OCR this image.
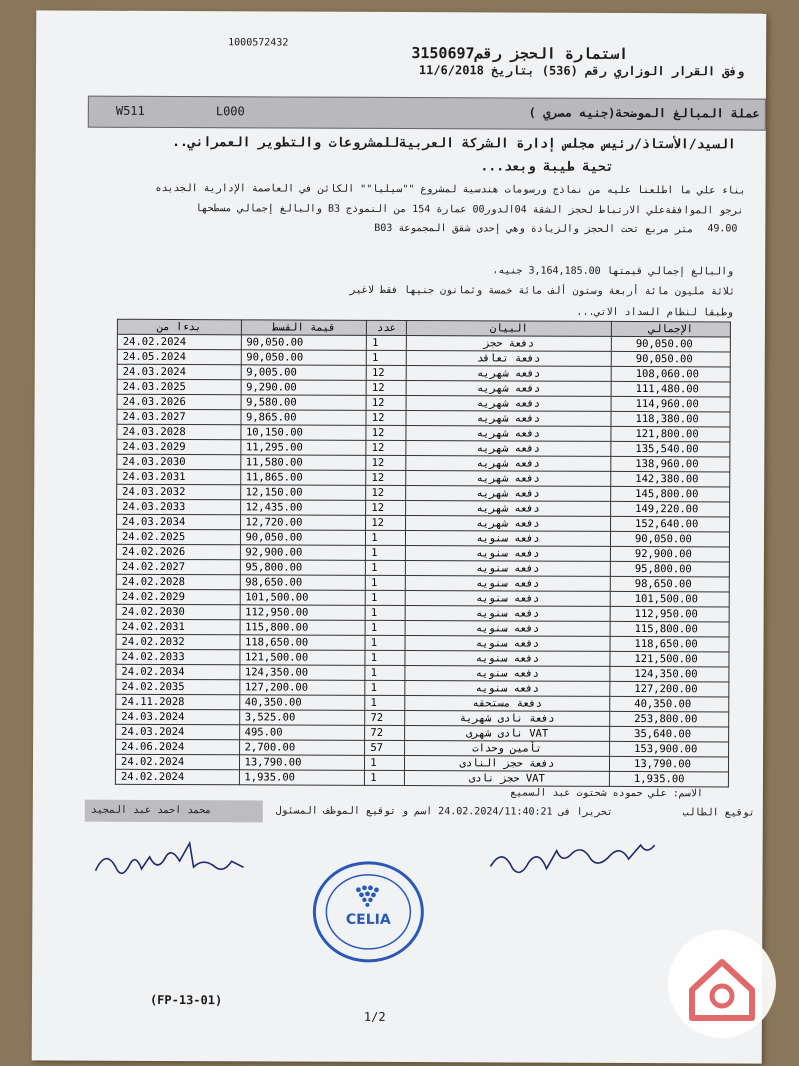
1000572432
استمارة الحجز رقم3150697
وفق القرار الوزاري رقم (536) بتاريخ 11/6/2018
W511	L000	عملة المبالغ الموضحة(جنيه مصري )
السيد/الأستاذ/رئيس مجلس إدارة الشركة العربيةللمشروعات والتطوير العمراني..
تحية طيبة وبعد...
بناء علي ما اطلعنا عليه من نماذج ورسومات هندسية لمشروع ""سيليا"" الكائن في العاصمة الإدارية الجديده
نرجو الموافقةعلي الارتباط لحجز الشقة 04الدور00 عمارة 154 من النموذج B3 والبالغ إجمالي مسطحها
49.00
متر مربع تحت الحجز والزيادة وهي إحدى شقق المجموعة B03
والبالغ إجمالي قيمتها 3,164,185.00 جنيه،
ثلاثة مليون مائة أربعة وستون ألف مائة خمسة وثمانون جنيها فقط لاغير
وطبقا لنظام السداد الاتي...
بدءا من	قيمة القسط	عدد	البيان	الإجمالي
24.02.2024	90,050.00	1	دفعة حجز	90,050.00
24.05.2024	90,050.00	1	دفعة تعاقد	90,050.00
24.03.2024	9,005.00	12	دفعه شهريه	108,060.00
24.03.2025	9,290.00	12	دفعه شهريه	111,480.00
24.03.2026	9,580.00	12	دفعه شهريه	114,960.00
24.03.2027	9,865.00	12	دفعه شهريه	118,380.00
24.03.2028	10,150.00	12	دفعه شهريه	121,800.00
24.03.2029	11,295.00	12	دفعه شهريه	135,540.00
24.03.2030	11,580.00	12	دفعه شهريه	138,960.00
24.03.2031	11,865.00	12	دفعه شهريه	142,380.00
24.03.2032	12,150.00	12	دفعه شهريه	145,800.00
24.03.2033	12,435.00	12	دفعه شهريه	149,220.00
24.03.2034	12,720.00	12	دفعه شهريه	152,640.00
24.02.2025	90,050.00	1	دفعه سنويه	90,050.00
24.02.2026	92,900.00	1	دفعه سنويه	92,900.00
24.02.2027	95,800.00	1	دفعه سنويه	95,800.00
24.02.2028	98,650.00	1	دفعه سنويه	98,650.00
24.02.2029	101,500.00	1	دفعه سنويه	101,500.00
24.02.2030	112,950.00	1	دفعه سنويه	112,950.00
24.02.2031	115,800.00	1	دفعه سنويه	115,800.00
24.02.2032	118,650.00	1	دفعه سنويه	118,650.00
24.02.2033	121,500.00	1	دفعه سنويه	121,500.00
24.02.2034	124,350.00	1	دفعه سنويه	124,350.00
24.02.2035	127,200.00	1	دفعه سنويه	127,200.00
24.11.2028	40,350.00	1	دفعة مستحقه	40,350.00
24.03.2024	3,525.00	72	دفعة نادى شهرية	253,800.00
24.03.2024	495.00	72	VAT نادى شهرى	35,640.00
24.06.2024	2,700.00	57	تأمين وحدات	153,900.00
24.02.2024	13,790.00	1	دفعة حجز النادى	13,790.00
24.02.2024	1,935.00	1	VAT حجز نادى	1,935.00
الاسم: علي حموده شحتوت عبد السميع
محمد احمد عبد المجيد	تحريرا فى 24.02.2024/11:40:21 اسم و توقيع الموظف المسئول	توقيع الطالب
CELIA
(FP-13-01)
1/2
